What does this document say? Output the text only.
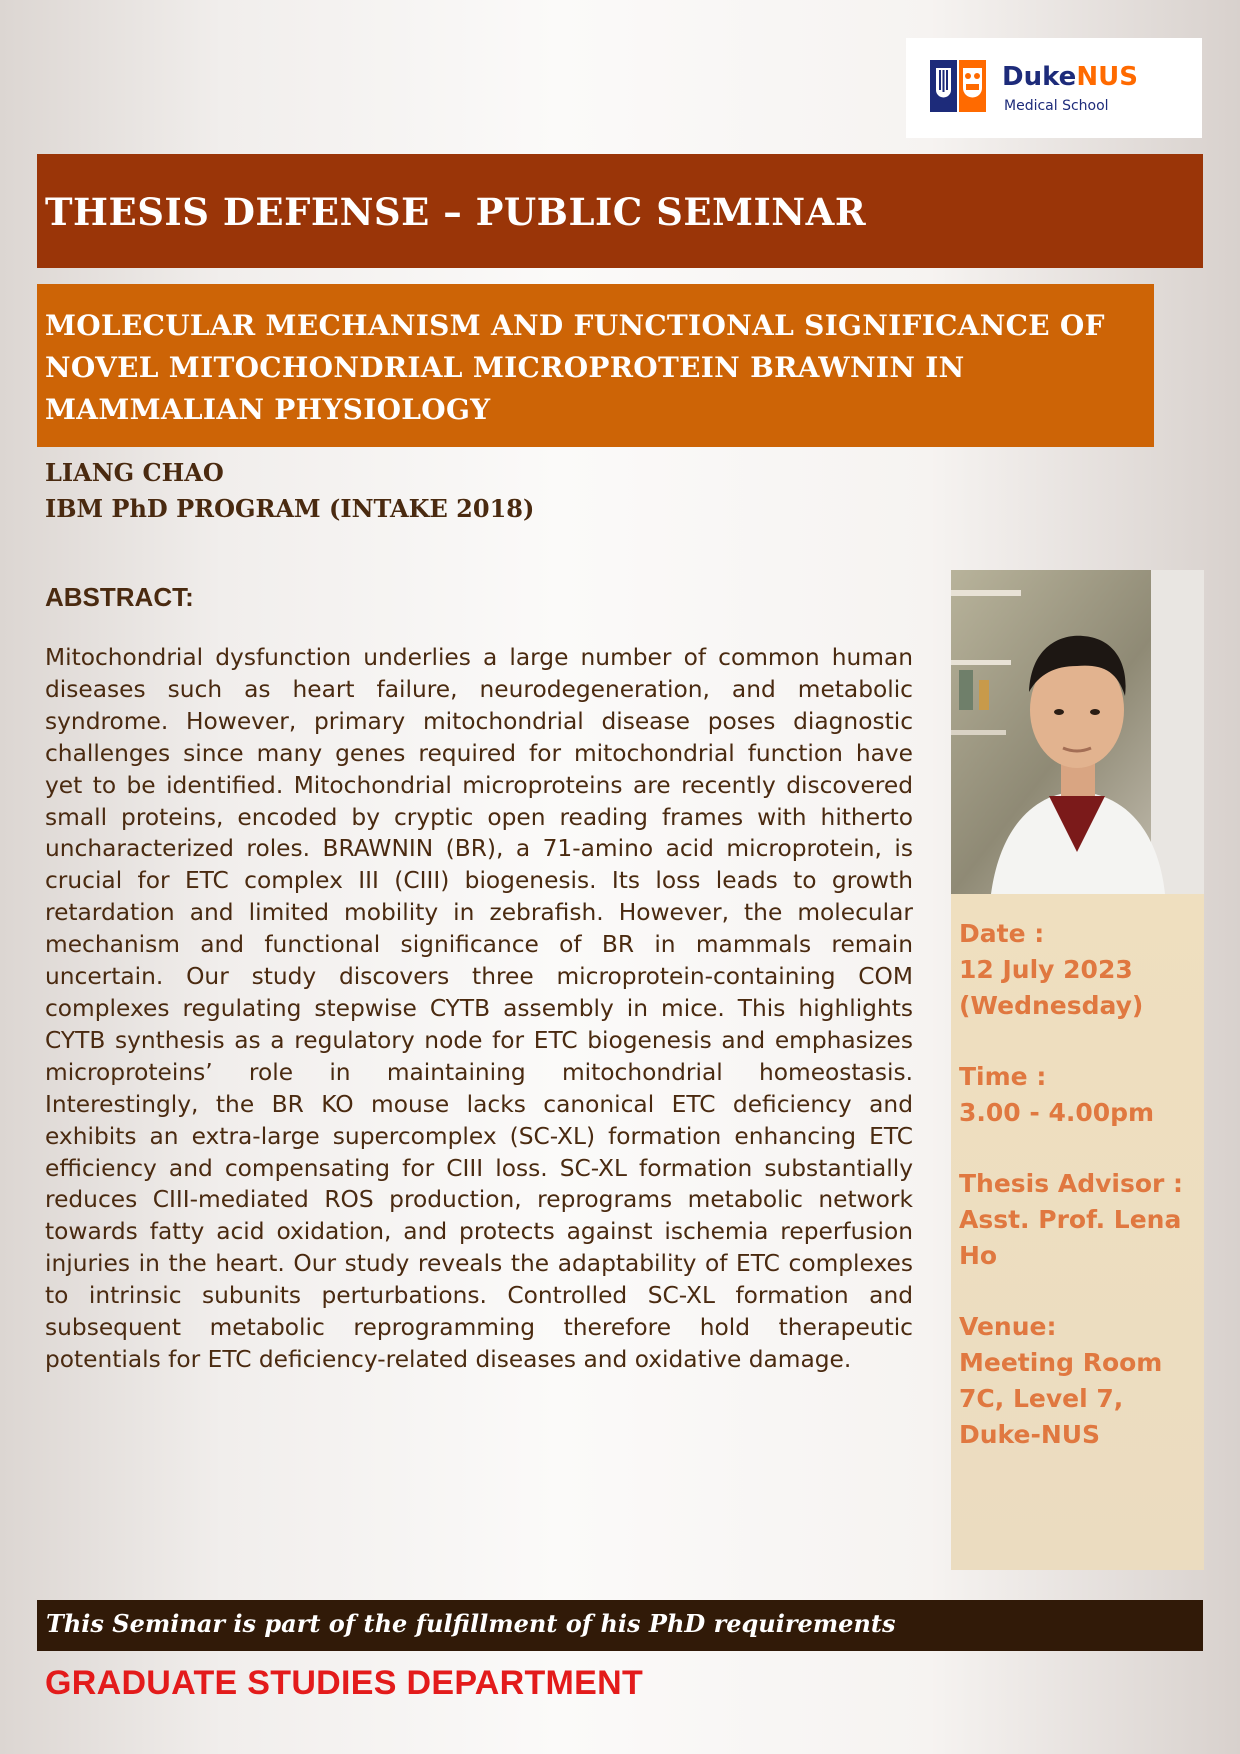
DukeNUS
Medical School
THESIS DEFENSE – PUBLIC SEMINAR
MOLECULAR MECHANISM AND FUNCTIONAL SIGNIFICANCE OF NOVEL MITOCHONDRIAL MICROPROTEIN BRAWNIN IN MAMMALIAN PHYSIOLOGY

LIANG CHAO

IBM PhD PROGRAM (INTAKE 2018)

ABSTRACT:

Mitochondrial dysfunction underlies a large number of common human diseases such as heart failure, neurodegeneration, and metabolic syndrome. However, primary mitochondrial disease poses diagnostic challenges since many genes required for mitochondrial function have yet to be identified. Mitochondrial microproteins are recently discovered small proteins, encoded by cryptic open reading frames with hitherto uncharacterized roles. BRAWNIN (BR), a 71-amino acid microprotein, is crucial for ETC complex III (CIII) biogenesis. Its loss leads to growth retardation and limited mobility in zebrafish. However, the molecular mechanism and functional significance of BR in mammals remain uncertain. Our study discovers three microprotein-containing COM complexes regulating stepwise CYTB assembly in mice. This highlights CYTB synthesis as a regulatory node for ETC biogenesis and emphasizes microproteins’ role in maintaining mitochondrial homeostasis. Interestingly, the BR KO mouse lacks canonical ETC deficiency and exhibits an extra-large supercomplex (SC-XL) formation enhancing ETC efficiency and compensating for CIII loss. SC-XL formation substantially reduces CIII-mediated ROS production, reprograms metabolic network towards fatty acid oxidation, and protects against ischemia reperfusion injuries in the heart. Our study reveals the adaptability of ETC complexes to intrinsic subunits perturbations. Controlled SC-XL formation and subsequent metabolic reprogramming therefore hold therapeutic potentials for ETC deficiency-related diseases and oxidative damage.

Date :
12 July 2023
(Wednesday)
Time :
3.00 - 4.00pm
Thesis Advisor :
Asst. Prof. Lena Ho
Venue:
Meeting Room
7C, Level 7,
Duke-NUS
This Seminar is part of the fulfillment of his PhD requirements

GRADUATE STUDIES DEPARTMENT
